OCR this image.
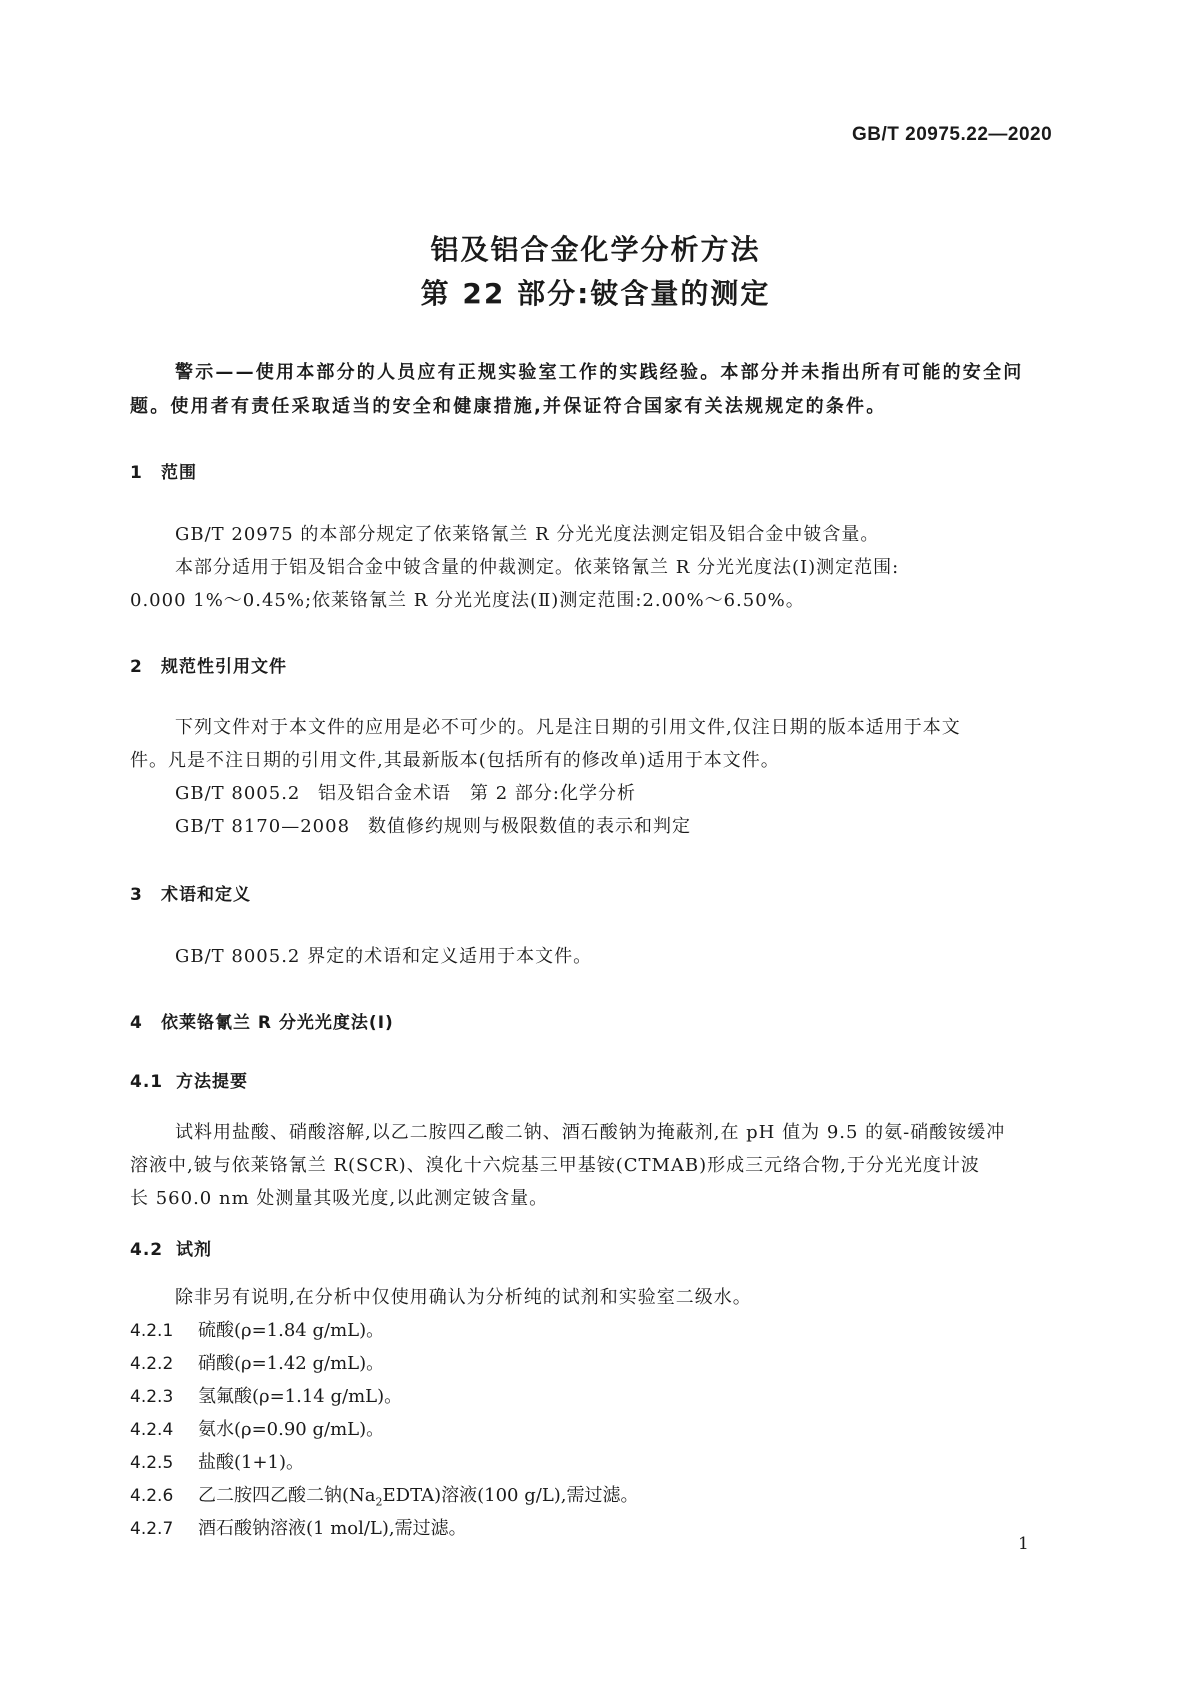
GB/T 20975.22—2020
铝及铝合金化学分析方法
第 22 部分:铍含量的测定
警示——使用本部分的人员应有正规实验室工作的实践经验。本部分并未指出所有可能的安全问
题。使用者有责任采取适当的安全和健康措施,并保证符合国家有关法规规定的条件。
1 范围
GB/T 20975 的本部分规定了依莱铬氰兰 R 分光光度法测定铝及铝合金中铍含量。
本部分适用于铝及铝合金中铍含量的仲裁测定。依莱铬氰兰 R 分光光度法(Ⅰ)测定范围:
0.000 1%～0.45%;依莱铬氰兰 R 分光光度法(Ⅱ)测定范围:2.00%～6.50%。
2 规范性引用文件
下列文件对于本文件的应用是必不可少的。凡是注日期的引用文件,仅注日期的版本适用于本文
件。凡是不注日期的引用文件,其最新版本(包括所有的修改单)适用于本文件。
GB/T 8005.2 铝及铝合金术语　第 2 部分:化学分析
GB/T 8170—2008 数值修约规则与极限数值的表示和判定
3 术语和定义
GB/T 8005.2 界定的术语和定义适用于本文件。
4 依莱铬氰兰 R 分光光度法(Ⅰ)
4.1 方法提要
试料用盐酸、硝酸溶解,以乙二胺四乙酸二钠、酒石酸钠为掩蔽剂,在 pH 值为 9.5 的氨-硝酸铵缓冲
溶液中,铍与依莱铬氰兰 R(SCR)、溴化十六烷基三甲基铵(CTMAB)形成三元络合物,于分光光度计波
长 560.0 nm 处测量其吸光度,以此测定铍含量。
4.2 试剂
除非另有说明,在分析中仅使用确认为分析纯的试剂和实验室二级水。
4.2.1 硫酸(ρ=1.84 g/mL)。
4.2.2 硝酸(ρ=1.42 g/mL)。
4.2.3 氢氟酸(ρ=1.14 g/mL)。
4.2.4 氨水(ρ=0.90 g/mL)。
4.2.5 盐酸(1+1)。
4.2.6 乙二胺四乙酸二钠$(Na_2EDTA)$溶液(100 g/L),需过滤。
4.2.7 酒石酸钠溶液(1 mol/L),需过滤。
1
